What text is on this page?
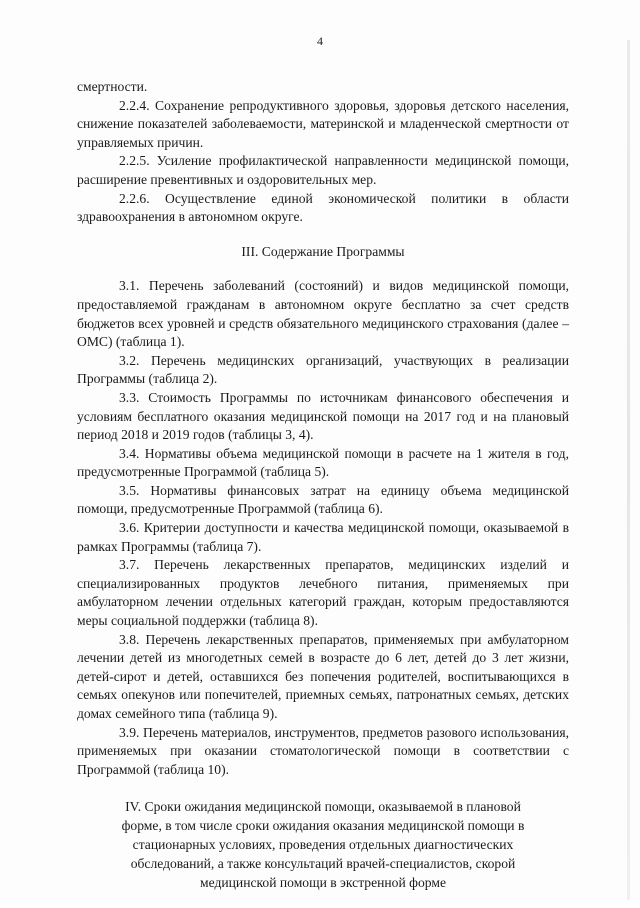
4

смертности.

2.2.4. Сохранение репродуктивного здоровья, здоровья детского населения, снижение показателей заболеваемости, материнской и младенческой смертности от управляемых причин.

2.2.5. Усиление профилактической направленности медицинской помощи, расширение превентивных и оздоровительных мер.

2.2.6. Осуществление единой экономической политики в области здравоохранения в автономном округе.

III. Содержание Программы

3.1. Перечень заболеваний (состояний) и видов медицинской помощи, предоставляемой гражданам в автономном округе бесплатно за счет средств бюджетов всех уровней и средств обязательного медицинского страхования (далее – ОМС) (таблица 1).

3.2. Перечень медицинских организаций, участвующих в реализации Программы (таблица 2).

3.3. Стоимость Программы по источникам финансового обеспечения и условиям бесплатного оказания медицинской помощи на 2017 год и на плановый период 2018 и 2019 годов (таблицы 3, 4).

3.4. Нормативы объема медицинской помощи в расчете на 1 жителя в год, предусмотренные Программой (таблица 5).

3.5. Нормативы финансовых затрат на единицу объема медицинской помощи, предусмотренные Программой (таблица 6).

3.6. Критерии доступности и качества медицинской помощи, оказываемой в рамках Программы (таблица 7).

3.7. Перечень лекарственных препаратов, медицинских изделий и специализированных продуктов лечебного питания, применяемых при амбулаторном лечении отдельных категорий граждан, которым предоставляются меры социальной поддержки (таблица 8).

3.8. Перечень лекарственных препаратов, применяемых при амбулаторном лечении детей из многодетных семей в возрасте до 6 лет, детей до 3 лет жизни, детей-сирот и детей, оставшихся без попечения родителей, воспитывающихся в семьях опекунов или попечителей, приемных семьях, патронатных семьях, детских домах семейного типа (таблица 9).

3.9. Перечень материалов, инструментов, предметов разового использования, применяемых при оказании стоматологической помощи в соответствии с Программой (таблица 10).

IV. Сроки ожидания медицинской помощи, оказываемой в плановой форме, в том числе сроки ожидания оказания медицинской помощи в стационарных условиях, проведения отдельных диагностических обследований, а также консультаций врачей-специалистов, скорой медицинской помощи в экстренной форме
